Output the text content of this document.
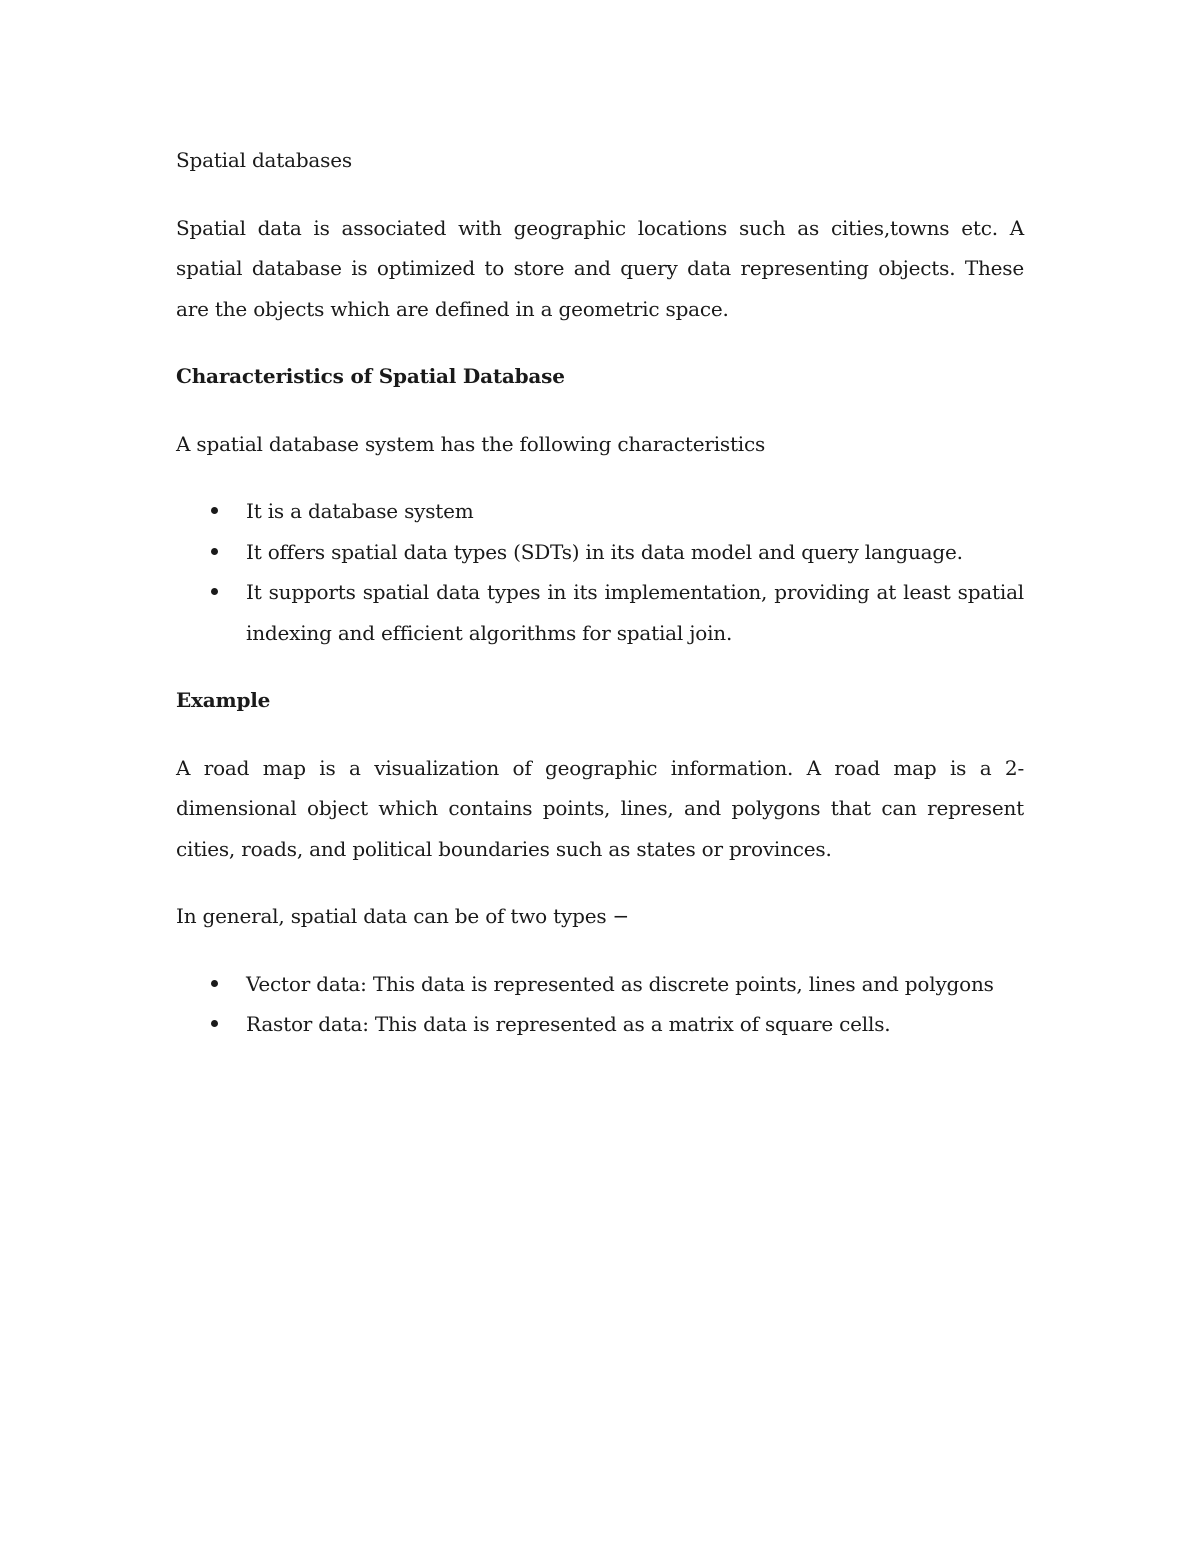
Spatial databases

Spatial data is associated with geographic locations such as cities,towns etc. A spatial database is optimized to store and query data representing objects. These are the objects which are defined in a geometric space.

Characteristics of Spatial Database

A spatial database system has the following characteristics

It is a database system
It offers spatial data types (SDTs) in its data model and query language.
It supports spatial data types in its implementation, providing at least spatial indexing and efficient algorithms for spatial join.

Example

A road map is a visualization of geographic information. A road map is a 2-dimensional object which contains points, lines, and polygons that can represent cities, roads, and political boundaries such as states or provinces.

In general, spatial data can be of two types −

Vector data: This data is represented as discrete points, lines and polygons
Rastor data: This data is represented as a matrix of square cells.
